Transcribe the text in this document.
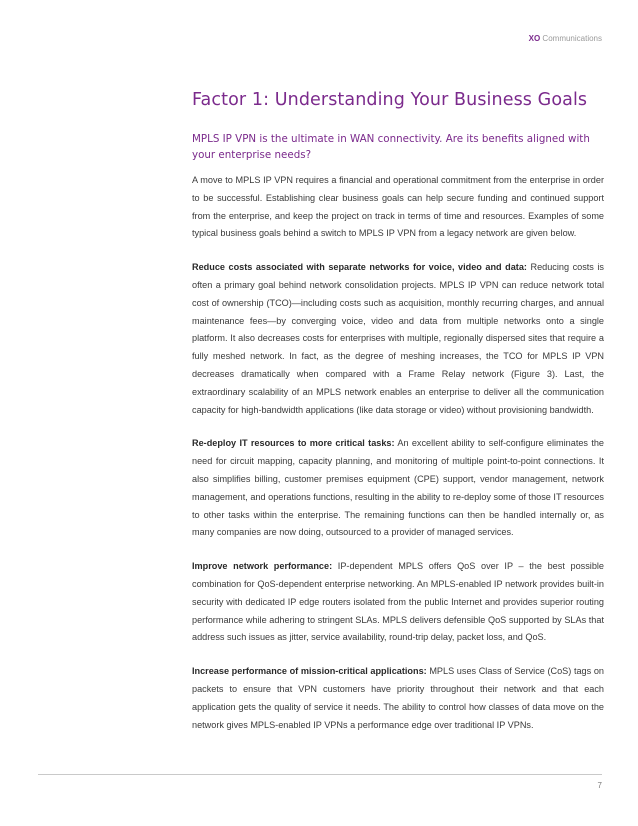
XO Communications
Factor 1: Understanding Your Business Goals

MPLS IP VPN is the ultimate in WAN connectivity. Are its benefits aligned with your enterprise needs?

A move to MPLS IP VPN requires a financial and operational commitment from the enterprise in order to be successful. Establishing clear business goals can help secure funding and continued support from the enterprise, and keep the project on track in terms of time and resources. Examples of some typical business goals behind a switch to MPLS IP VPN from a legacy network are given below.

Reduce costs associated with separate networks for voice, video and data: Reducing costs is often a primary goal behind network consolidation projects. MPLS IP VPN can reduce network total cost of ownership (TCO)—including costs such as acquisition, monthly recurring charges, and annual maintenance fees—by converging voice, video and data from multiple networks onto a single platform. It also decreases costs for enterprises with multiple, regionally dispersed sites that require a fully meshed network. In fact, as the degree of meshing increases, the TCO for MPLS IP VPN decreases dramatically when compared with a Frame Relay network (Figure 3). Last, the extraordinary scalability of an MPLS network enables an enterprise to deliver all the communication capacity for high-bandwidth applications (like data storage or video) without provisioning bandwidth.

Re-deploy IT resources to more critical tasks: An excellent ability to self-configure eliminates the need for circuit mapping, capacity planning, and monitoring of multiple point-to-point connections. It also simplifies billing, customer premises equipment (CPE) support, vendor management, network management, and operations functions, resulting in the ability to re-deploy some of those IT resources to other tasks within the enterprise. The remaining functions can then be handled internally or, as many companies are now doing, outsourced to a provider of managed services.

Improve network performance: IP-dependent MPLS offers QoS over IP – the best possible combination for QoS-dependent enterprise networking. An MPLS-enabled IP network provides built-in security with dedicated IP edge routers isolated from the public Internet and provides superior routing performance while adhering to stringent SLAs. MPLS delivers defensible QoS supported by SLAs that address such issues as jitter, service availability, round-trip delay, packet loss, and QoS.

Increase performance of mission-critical applications: MPLS uses Class of Service (CoS) tags on packets to ensure that VPN customers have priority throughout their network and that each application gets the quality of service it needs. The ability to control how classes of data move on the network gives MPLS-enabled IP VPNs a performance edge over traditional IP VPNs.

7
